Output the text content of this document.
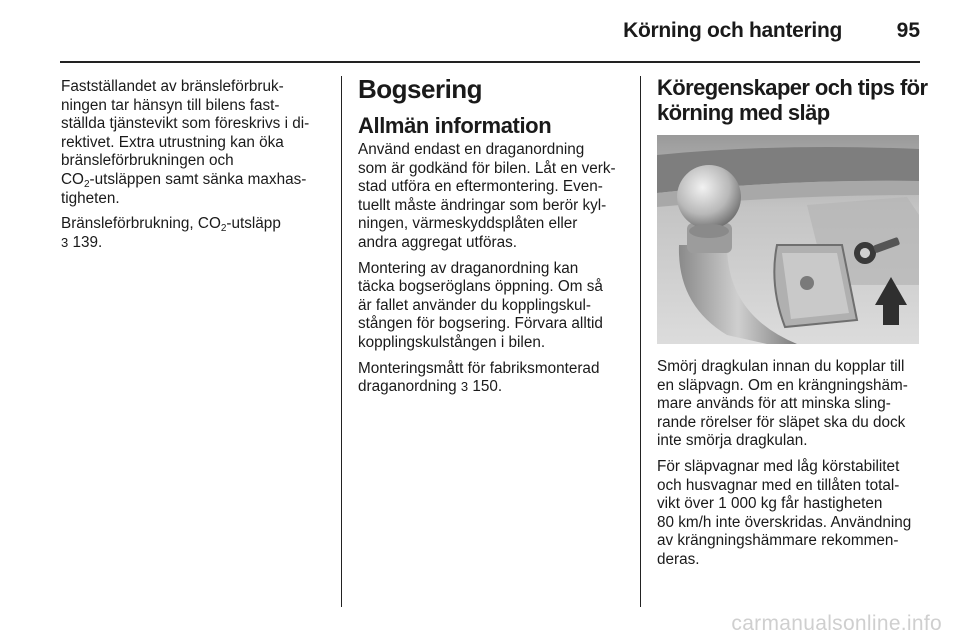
Körning och hantering	95

Fastställandet av bränsleförbruk-
ningen tar hänsyn till bilens fast-
ställda tjänstevikt som föreskrivs i di-
rektivet. Extra utrustning kan öka
bränsleförbrukningen och
$CO_2$-utsläppen samt sänka maxhas-
tigheten.

Bränsleförbrukning, $CO_2$-utsläpp
3 139.

Bogsering
Allmän information

Använd endast en draganordning
som är godkänd för bilen. Låt en verk-
stad utföra en eftermontering. Even-
tuellt måste ändringar som berör kyl-
ningen, värmeskyddsplåten eller
andra aggregat utföras.

Montering av draganordning kan
täcka bogseröglans öppning. Om så
är fallet använder du kopplingskul-
stången för bogsering. Förvara alltid
kopplingskulstången i bilen.

Monteringsmått för fabriksmonterad
draganordning 3 150.

Köregenskaper och tips för
körning med släp

Smörj dragkulan innan du kopplar till
en släpvagn. Om en krängningshäm-
mare används för att minska sling-
rande rörelser för släpet ska du dock
inte smörja dragkulan.

För släpvagnar med låg körstabilitet
och husvagnar med en tillåten total-
vikt över 1 000 kg får hastigheten
80 km/h inte överskridas. Användning
av krängningshämmare rekommen-
deras.

carmanualsonline.info
